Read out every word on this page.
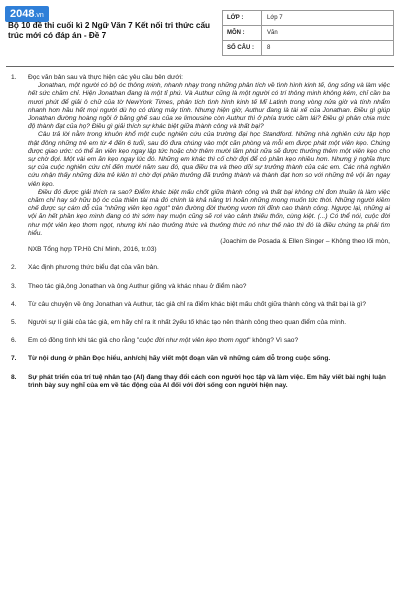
2048.vn
Bộ 10 đề thi cuối kì 2 Ngữ Văn 7 Kết nối tri thức cấu trúc mới có đáp án - Đề 7
LỚP :	Lớp 7
MÔN :	Văn
SỐ CÂU :	8
1. Đọc văn bản sau và thực hiện các yêu cầu bên dưới:

Jonathan, một người có bộ óc thông minh, nhanh nhạy trong những phân tích về tình hình kinh tế, ông sống và làm việc hết sức chăm chỉ. Hiện Jonathan đang là một tỉ phú. Và Authur cũng là một người có trí thông minh không kém, chỉ cần ba mươi phút để giải ô chữ của tờ NewYork Times, phân tích tình hình kinh tế Mĩ Latinh trong vòng nửa giờ và tính nhẩm nhanh hơn hầu hết mọi người dù họ có dùng máy tính. Nhưng hiện giờ, Authur đang là tài xế của Jonathan. Điều gì giúp Jonathan đường hoàng ngồi ở băng ghế sau của xe limousine còn Authur thì ở phía trước cầm lái? Điều gì phân chia mức độ thành đạt của họ? Điều gì giải thích sự khác biệt giữa thành công và thất bại?

Câu trả lời nằm trong khuôn khổ một cuộc nghiên cứu của trường đại học Standford. Những nhà nghiên cứu tập hợp thật đông những trẻ em từ 4 đến 6 tuổi, sau đó đưa chúng vào một căn phòng và mỗi em được phát một viên kẹo. Chúng được giao ước: có thể ăn viên kẹo ngay lập tức hoặc chờ thêm mười lăm phút nữa sẽ được thưởng thêm một viên kẹo cho sự chờ đợi. Một vài em ăn kẹo ngay lúc đó. Những em khác thì cố chờ đợi để có phần kẹo nhiều hơn. Nhưng ý nghĩa thực sự của cuộc nghiên cứu chỉ đến mười năm sau đó, qua điều tra và theo dõi sự trưởng thành của các em. Các nhà nghiên cứu nhận thấy những đứa trẻ kiên trì chờ đợi phần thưởng đã trưởng thành và thành đạt hơn so với những trẻ vội ăn ngay viên kẹo.

Điều đó được giải thích ra sao? Điểm khác biệt mấu chốt giữa thành công và thất bại không chỉ đơn thuần là làm việc chăm chỉ hay sở hữu bộ óc của thiên tài mà đó chính là khả năng trì hoãn những mong muốn tức thời. Những người kiềm chế được sự cám dỗ của "những viên kẹo ngọt" trên đường đời thường vươn tới đỉnh cao thành công. Ngược lại, những ai vội ăn hết phần kẹo mình đang có thì sớm hay muộn cũng sẽ rơi vào cảnh thiếu thốn, cùng kiệt. (...) Có thể nói, cuộc đời như một viên kẹo thơm ngọt, nhưng khi nào thưởng thức và thưởng thức nó như thế nào thì đó là điều chúng ta phải tìm hiểu.

(Joachim de Posada & Ellen Singer – Không theo lối mòn,
NXB Tổng hợp TP.Hồ Chí Minh, 2016, tr.03)
2. Xác định phương thức biểu đạt của văn bản.
3. Theo tác giả,ông Jonathan và ông Authur giống và khác nhau ở điểm nào?
4. Từ câu chuyện về ông Jonathan và Authur, tác giả chỉ ra điểm khác biệt mấu chốt giữa thành công và thất bại là gì?
5. Người sự lí giải của tác giả, em hãy chỉ ra ít nhất 2yếu tố khác tạo nên thành công theo quan điểm của mình.
6. Em có đồng tình khi tác giả cho rằng "cuộc đời như một viên kẹo thơm ngọt" không? Vì sao?
7. Từ nội dung ở phần Đọc hiểu, anh/chị hãy viết một đoạn văn về những cám dỗ trong cuộc sống.
8. Sự phát triển của trí tuệ nhân tạo (AI) đang thay đổi cách con người học tập và làm việc. Em hãy viết bài nghị luận trình bày suy nghĩ của em về tác động của AI đối với đời sống con người hiện nay.
